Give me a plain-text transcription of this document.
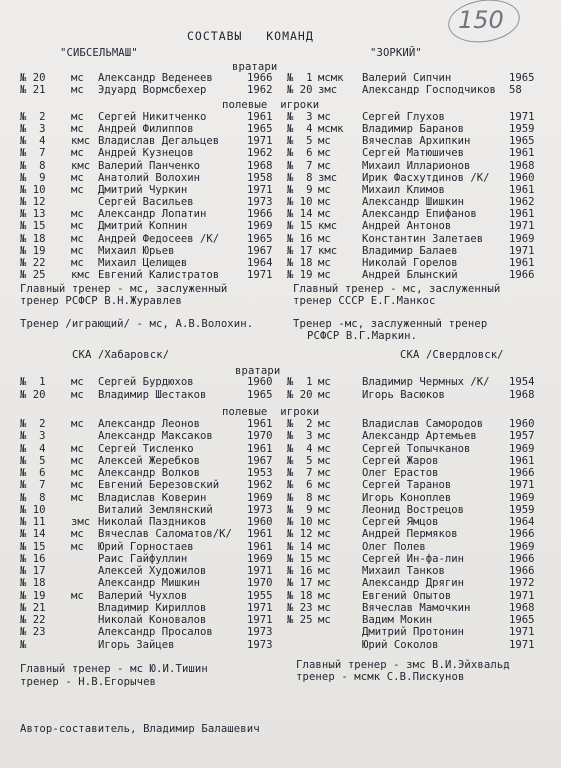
150
СОСТАВЫ   КОМАНД
"СИБСЕЛЬМАШ"	"ЗОРКИЙ"
вратари
№ 20 мс Александр Веденеев	1966 №  1 мсмк Валерий Сипчин	1965
№ 21 мс Эдуард Вормсбехер	1962 № 20 змс Александр Господчиков 58
полевые  игроки
№  2 мс Сергей Никитченко	1961 №  3 мс	Сергей Глухов	1971
№  3 мс Андрей Филиппов	1965 №  4 мсмк Владимир Баранов	1959
№  4 кмс Владислав Дегальцев	1971 №  5 мс	Вячеслав Архипкин	1965
№  7 мс Андрей Кузнецов	1962 №  6 мс	Сергей Матюшичев	1961
№  8 кмс Валерий Панченко	1968 №  7 мс	Михаил Илларионов	1968
№  9 мс Анатолий Волохин	1958 №  8 змс Ирик Фасхутдинов /К/ 1960
№ 10 мс Дмитрий Чуркин	1971 №  9 мс	Михаил Климов	1961
№ 12	Сергей Васильев	1973 № 10 мс	Александр Шишкин	1962
№ 13 мс Александр Лопатин	1966 № 14 мс	Александр Епифанов	1961
№ 15 мс Дмитрий Копнин	1969 № 15 кмс Андрей Антонов	1971
№ 18 мс Андрей Федосеев /К/	1965 № 16 мс	Константин Залетаев 1969
№ 19 мс Михаил Юрьев	1967 № 17 кмс Владимир Балаев	1971
№ 22 мс Михаил Целищев	1964 № 18 мс	Николай Горелов	1961
№ 25 кмс Евгений Калистратов	1971 № 19 мс	Андрей Блынский	1966
Главный тренер - мс, заслуженный
тренер РСФСР В.Н.Журавлев
Главный тренер - мс, заслуженный
тренер СССР Е.Г.Манкос
Тренер /играющий/ - мс, А.В.Волохин.	Тренер -мс, заслуженный тренер
РСФСР В.Г.Маркин.
СКА /Хабаровск/	СКА /Свердловск/
вратари
№  1 мс Сергей Бурдюхов	1960 №  1 мс	Владимир Чермных /К/ 1954
№ 20 мс Владимир Шестаков	1965 № 20 мс	Игорь Васюков	1968
полевые  игроки
№  2 мс Александр Леонов	1961 №  2 мс	Владислав Самородов 1960
№  3	Александр Максаков	1970 №  3 мс	Александр Артемьев	1957
№  4 мс Сергей Тисленко	1961 №  4 мс	Сергей Топычканов	1969
№  5 мс Алексей Жеребков	1967 №  5 мс	Сергей Жаров	1961
№  6 мс Александр Волков	1953 №  7 мс	Олег Ерастов	1966
№  7 мс Евгений Березовский	1962 №  6 мс	Сергей Таранов	1971
№  8 мс Владислав Коверин	1969 №  8 мс	Игорь Коноплев	1969
№ 10	Виталий Землянский	1973 №  9 мс	Леонид Вострецов	1959
№ 11 змс Николай Паздников	1960 № 10 мс	Сергей Ямцов	1964
№ 14 мс Вячеслав Саломатов/К/ 1961 № 12 мс	Андрей Пермяков	1966
№ 15 мс Юрий Горностаев	1961 № 14 мс	Олег Полев	1969
№ 16	Раис Гайфуллин	1969 № 15 мс	Сергей Ин-фа-лин	1966
№ 17	Алексей Художилов	1971 № 16 мс	Михаил Танков	1966
№ 18	Александр Мишкин	1970 № 17 мс	Александр Дрягин	1972
№ 19 мс Валерий Чухлов	1955 № 18 мс	Евгений Опытов	1971
№ 21	Владимир Кириллов	1971 № 23 мс	Вячеслав Мамочкин	1968
№ 22	Николай Коновалов	1971 № 25 мс	Вадим Мокин	1965
№ 23	Александр Просалов	1973	Дмитрий Протонин	1971
№	Игорь Зайцев	1973	Юрий Соколов	1971
Главный тренер - мс Ю.И.Тишин
тренер - Н.В.Егорычев
Главный тренер - змс В.И.Эйхвальд
тренер - мсмк С.В.Пискунов
Автор-составитель, Владимир Балашевич
